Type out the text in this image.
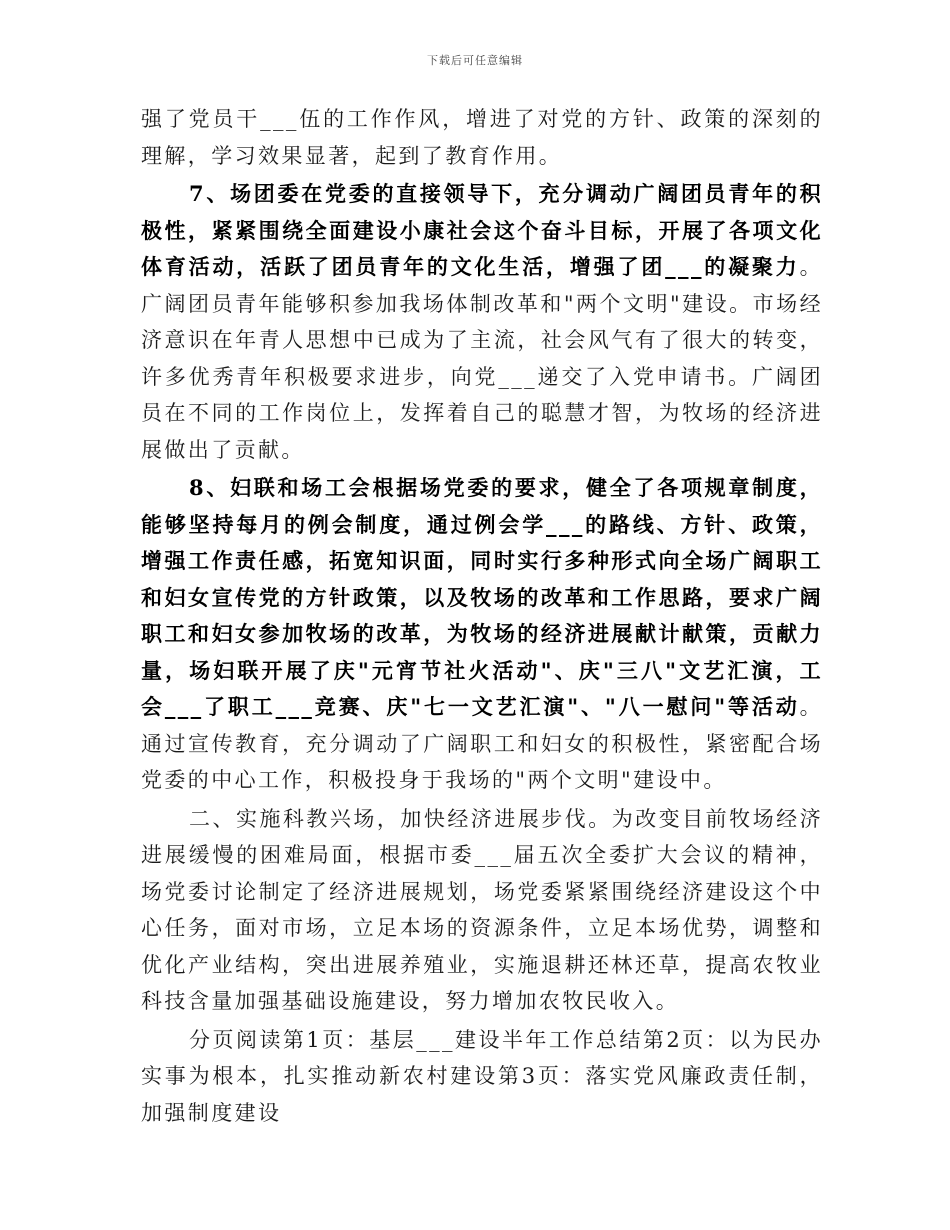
下载后可任意编辑

强了党员干___伍的工作作风，增进了对党的方针、政策的深刻的理解，学习效果显著，起到了教育作用。

7、场团委在党委的直接领导下，充分调动广阔团员青年的积极性，紧紧围绕全面建设小康社会这个奋斗目标，开展了各项文化体育活动，活跃了团员青年的文化生活，增强了团___的凝聚力。广阔团员青年能够积参加我场体制改革和"两个文明"建设。市场经济意识在年青人思想中已成为了主流，社会风气有了很大的转变，许多优秀青年积极要求进步，向党___递交了入党申请书。广阔团员在不同的工作岗位上，发挥着自己的聪慧才智，为牧场的经济进展做出了贡献。

8、妇联和场工会根据场党委的要求，健全了各项规章制度，能够坚持每月的例会制度，通过例会学___的路线、方针、政策，增强工作责任感，拓宽知识面，同时实行多种形式向全场广阔职工和妇女宣传党的方针政策，以及牧场的改革和工作思路，要求广阔职工和妇女参加牧场的改革，为牧场的经济进展献计献策，贡献力量，场妇联开展了庆"元宵节社火活动"、庆"三八"文艺汇演，工会___了职工___竞赛、庆"七一文艺汇演"、"八一慰问"等活动。通过宣传教育，充分调动了广阔职工和妇女的积极性，紧密配合场党委的中心工作，积极投身于我场的"两个文明"建设中。

二、实施科教兴场，加快经济进展步伐。为改变目前牧场经济进展缓慢的困难局面，根据市委___届五次全委扩大会议的精神，场党委讨论制定了经济进展规划，场党委紧紧围绕经济建设这个中心任务，面对市场，立足本场的资源条件，立足本场优势，调整和优化产业结构，突出进展养殖业，实施退耕还林还草，提高农牧业科技含量加强基础设施建设，努力增加农牧民收入。

分页阅读第1页：基层___建设半年工作总结第2页：以为民办实事为根本，扎实推动新农村建设第3页：落实党风廉政责任制，加强制度建设
